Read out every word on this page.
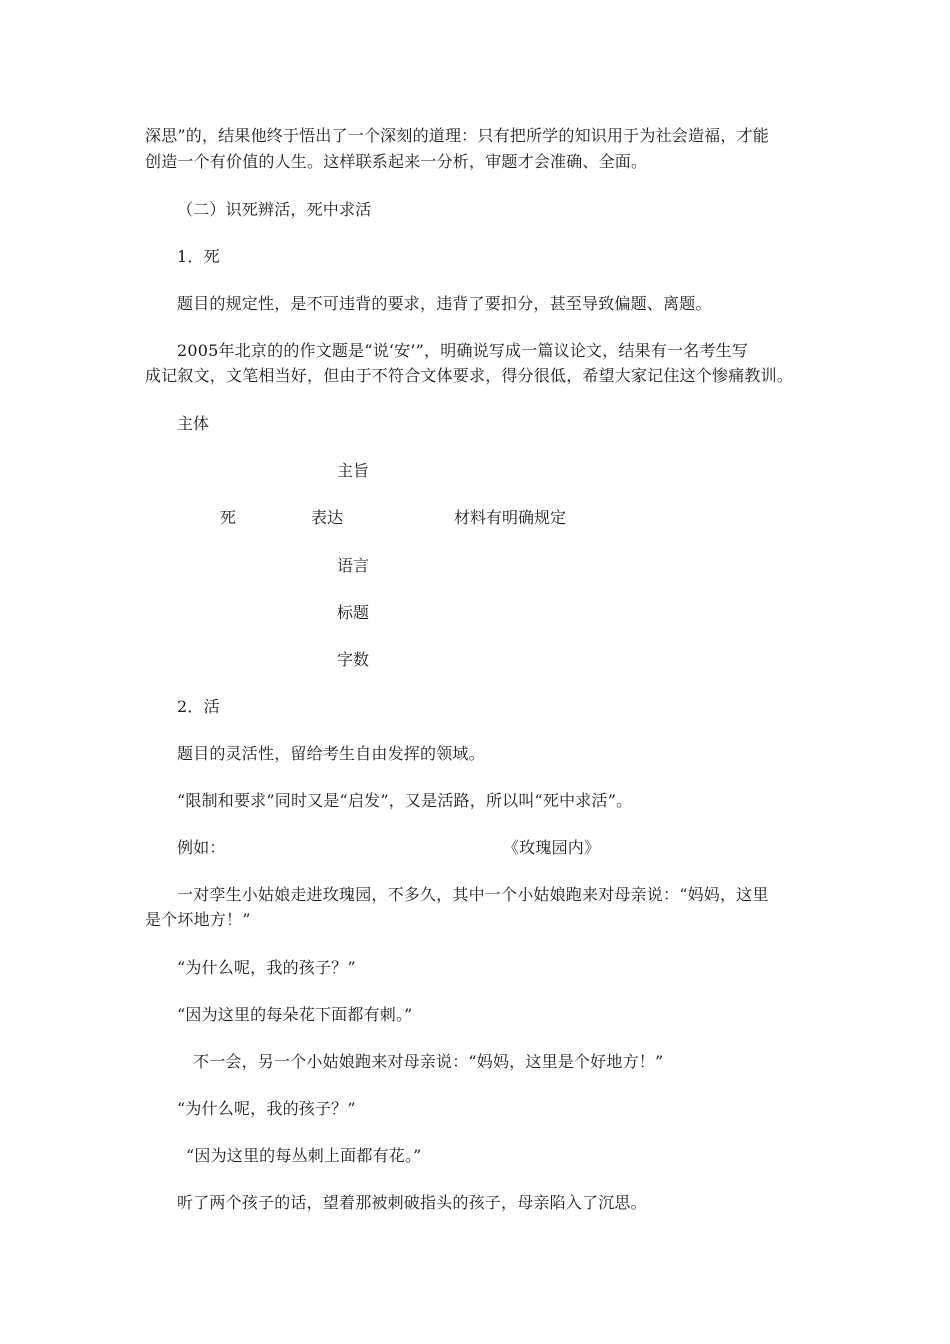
深思”的，结果他终于悟出了一个深刻的道理：只有把所学的知识用于为社会造福，才能
创造一个有价值的人生。这样联系起来一分析，审题才会准确、全面。
（二）识死辨活，死中求活
1．死
题目的规定性，是不可违背的要求，违背了要扣分，甚至导致偏题、离题。
2005年北京的的作文题是“说‘安’”，明确说写成一篇议论文，结果有一名考生写
成记叙文，文笔相当好，但由于不符合文体要求，得分很低，希望大家记住这个惨痛教训。
主体
主旨
死	表达	材料有明确规定
语言
标题
字数
2．活
题目的灵活性，留给考生自由发挥的领域。
“限制和要求”同时又是“启发”，又是活路，所以叫“死中求活”。
例如：	《玫瑰园内》
一对孪生小姑娘走进玫瑰园，不多久，其中一个小姑娘跑来对母亲说：“妈妈，这里
是个坏地方！”
“为什么呢，我的孩子？”
“因为这里的每朵花下面都有刺。”
不一会，另一个小姑娘跑来对母亲说：“妈妈，这里是个好地方！”
“为什么呢，我的孩子？”
“因为这里的每丛刺上面都有花。”
听了两个孩子的话，望着那被刺破指头的孩子，母亲陷入了沉思。
